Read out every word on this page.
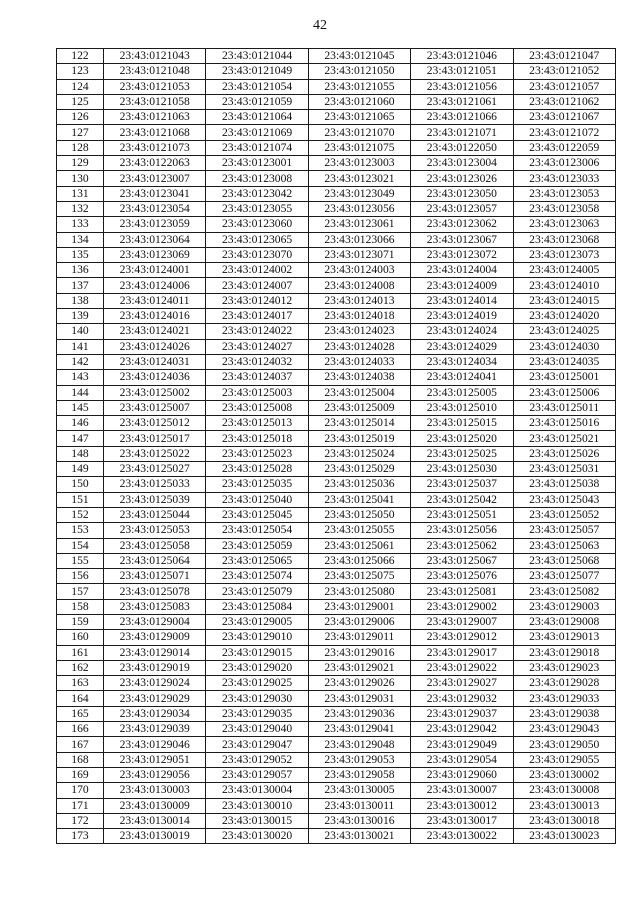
42
122	23:43:0121043	23:43:0121044	23:43:0121045	23:43:0121046	23:43:0121047
123	23:43:0121048	23:43:0121049	23:43:0121050	23:43:0121051	23:43:0121052
124	23:43:0121053	23:43:0121054	23:43:0121055	23:43:0121056	23:43:0121057
125	23:43:0121058	23:43:0121059	23:43:0121060	23:43:0121061	23:43:0121062
126	23:43:0121063	23:43:0121064	23:43:0121065	23:43:0121066	23:43:0121067
127	23:43:0121068	23:43:0121069	23:43:0121070	23:43:0121071	23:43:0121072
128	23:43:0121073	23:43:0121074	23:43:0121075	23:43:0122050	23:43:0122059
129	23:43:0122063	23:43:0123001	23:43:0123003	23:43:0123004	23:43:0123006
130	23:43:0123007	23:43:0123008	23:43:0123021	23:43:0123026	23:43:0123033
131	23:43:0123041	23:43:0123042	23:43:0123049	23:43:0123050	23:43:0123053
132	23:43:0123054	23:43:0123055	23:43:0123056	23:43:0123057	23:43:0123058
133	23:43:0123059	23:43:0123060	23:43:0123061	23:43:0123062	23:43:0123063
134	23:43:0123064	23:43:0123065	23:43:0123066	23:43:0123067	23:43:0123068
135	23:43:0123069	23:43:0123070	23:43:0123071	23:43:0123072	23:43:0123073
136	23:43:0124001	23:43:0124002	23:43:0124003	23:43:0124004	23:43:0124005
137	23:43:0124006	23:43:0124007	23:43:0124008	23:43:0124009	23:43:0124010
138	23:43:0124011	23:43:0124012	23:43:0124013	23:43:0124014	23:43:0124015
139	23:43:0124016	23:43:0124017	23:43:0124018	23:43:0124019	23:43:0124020
140	23:43:0124021	23:43:0124022	23:43:0124023	23:43:0124024	23:43:0124025
141	23:43:0124026	23:43:0124027	23:43:0124028	23:43:0124029	23:43:0124030
142	23:43:0124031	23:43:0124032	23:43:0124033	23:43:0124034	23:43:0124035
143	23:43:0124036	23:43:0124037	23:43:0124038	23:43:0124041	23:43:0125001
144	23:43:0125002	23:43:0125003	23:43:0125004	23:43:0125005	23:43:0125006
145	23:43:0125007	23:43:0125008	23:43:0125009	23:43:0125010	23:43:0125011
146	23:43:0125012	23:43:0125013	23:43:0125014	23:43:0125015	23:43:0125016
147	23:43:0125017	23:43:0125018	23:43:0125019	23:43:0125020	23:43:0125021
148	23:43:0125022	23:43:0125023	23:43:0125024	23:43:0125025	23:43:0125026
149	23:43:0125027	23:43:0125028	23:43:0125029	23:43:0125030	23:43:0125031
150	23:43:0125033	23:43:0125035	23:43:0125036	23:43:0125037	23:43:0125038
151	23:43:0125039	23:43:0125040	23:43:0125041	23:43:0125042	23:43:0125043
152	23:43:0125044	23:43:0125045	23:43:0125050	23:43:0125051	23:43:0125052
153	23:43:0125053	23:43:0125054	23:43:0125055	23:43:0125056	23:43:0125057
154	23:43:0125058	23:43:0125059	23:43:0125061	23:43:0125062	23:43:0125063
155	23:43:0125064	23:43:0125065	23:43:0125066	23:43:0125067	23:43:0125068
156	23:43:0125071	23:43:0125074	23:43:0125075	23:43:0125076	23:43:0125077
157	23:43:0125078	23:43:0125079	23:43:0125080	23:43:0125081	23:43:0125082
158	23:43:0125083	23:43:0125084	23:43:0129001	23:43:0129002	23:43:0129003
159	23:43:0129004	23:43:0129005	23:43:0129006	23:43:0129007	23:43:0129008
160	23:43:0129009	23:43:0129010	23:43:0129011	23:43:0129012	23:43:0129013
161	23:43:0129014	23:43:0129015	23:43:0129016	23:43:0129017	23:43:0129018
162	23:43:0129019	23:43:0129020	23:43:0129021	23:43:0129022	23:43:0129023
163	23:43:0129024	23:43:0129025	23:43:0129026	23:43:0129027	23:43:0129028
164	23:43:0129029	23:43:0129030	23:43:0129031	23:43:0129032	23:43:0129033
165	23:43:0129034	23:43:0129035	23:43:0129036	23:43:0129037	23:43:0129038
166	23:43:0129039	23:43:0129040	23:43:0129041	23:43:0129042	23:43:0129043
167	23:43:0129046	23:43:0129047	23:43:0129048	23:43:0129049	23:43:0129050
168	23:43:0129051	23:43:0129052	23:43:0129053	23:43:0129054	23:43:0129055
169	23:43:0129056	23:43:0129057	23:43:0129058	23:43:0129060	23:43:0130002
170	23:43:0130003	23:43:0130004	23:43:0130005	23:43:0130007	23:43:0130008
171	23:43:0130009	23:43:0130010	23:43:0130011	23:43:0130012	23:43:0130013
172	23:43:0130014	23:43:0130015	23:43:0130016	23:43:0130017	23:43:0130018
173	23:43:0130019	23:43:0130020	23:43:0130021	23:43:0130022	23:43:0130023
